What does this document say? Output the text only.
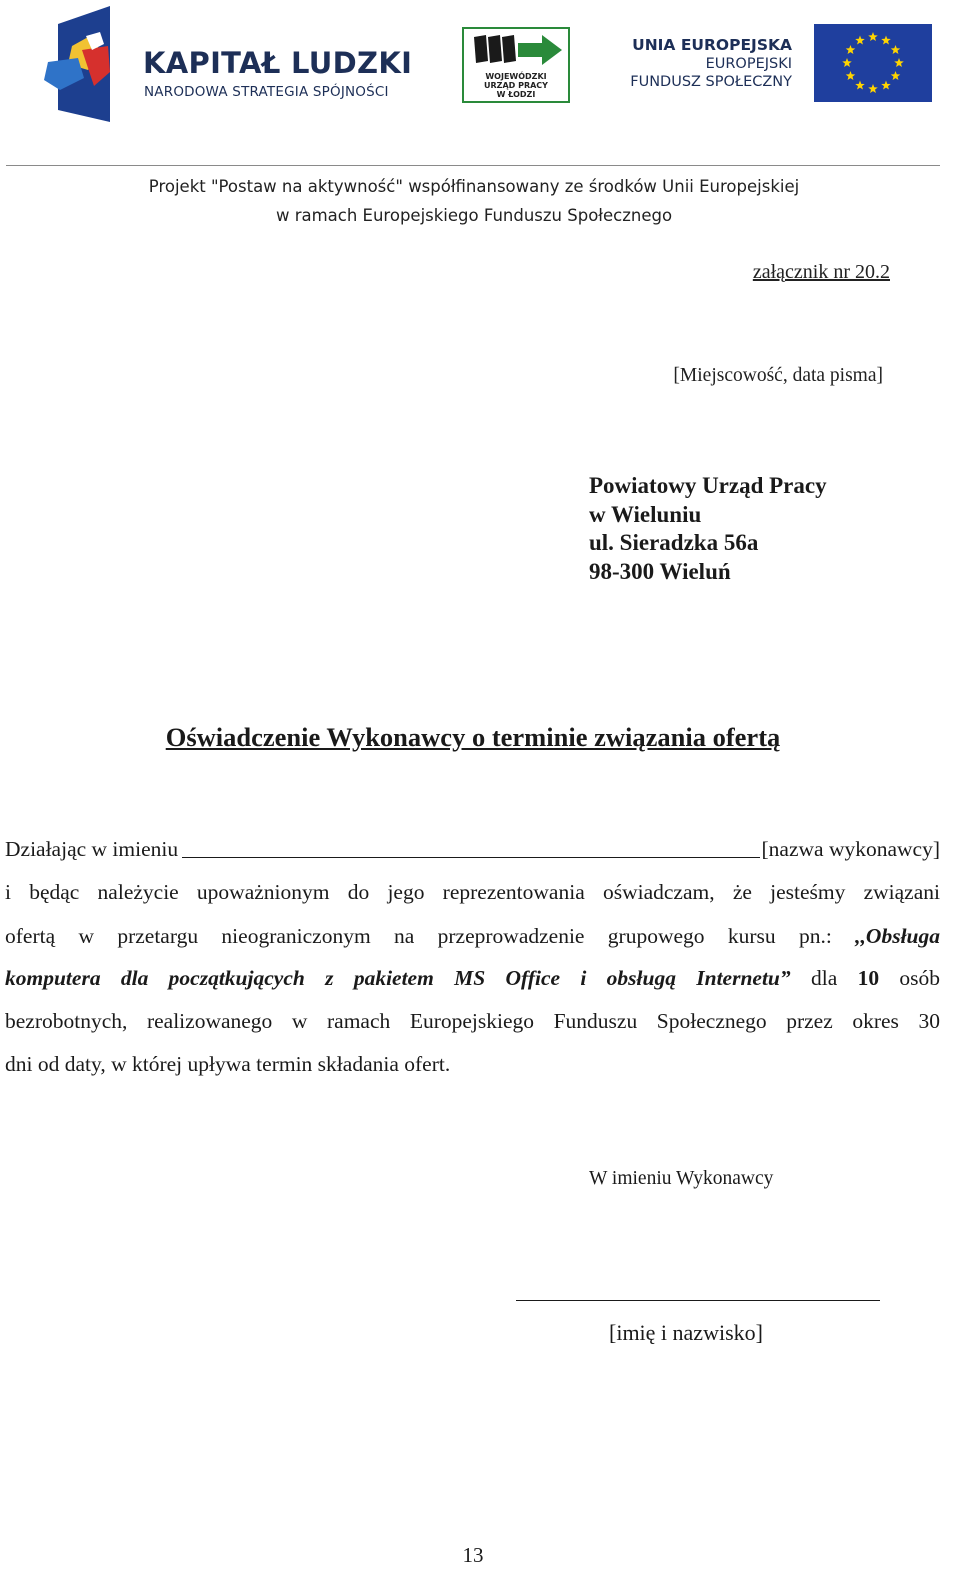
KAPITAŁ LUDZKI
NARODOWA STRATEGIA SPÓJNOŚCI
WOJEWÓDZKI
URZĄD PRACY
W ŁODZI
UNIA EUROPEJSKA
EUROPEJSKI
FUNDUSZ SPOŁECZNY
Projekt "Postaw na aktywność" współfinansowany ze środków Unii Europejskiej
w ramach Europejskiego Funduszu Społecznego
załącznik nr 20.2
[Miejscowość, data pisma]
Powiatowy Urząd Pracy
w Wieluniu
ul. Sieradzka 56a
98-300 Wieluń
Oświadczenie Wykonawcy o terminie związania ofertą
Działając w imieniu	[nazwa wykonawcy]
i będąc należycie upoważnionym do jego reprezentowania oświadczam, że jesteśmy związani
ofertą w przetargu nieograniczonym na przeprowadzenie grupowego kursu pn.: ,,Obsługa
komputera dla początkujących z pakietem MS Office i obsługą Internetu” dla 10 osób
bezrobotnych, realizowanego w ramach Europejskiego Funduszu Społecznego przez okres 30
dni od daty, w której upływa termin składania ofert.
W imieniu Wykonawcy
[imię i nazwisko]
13
